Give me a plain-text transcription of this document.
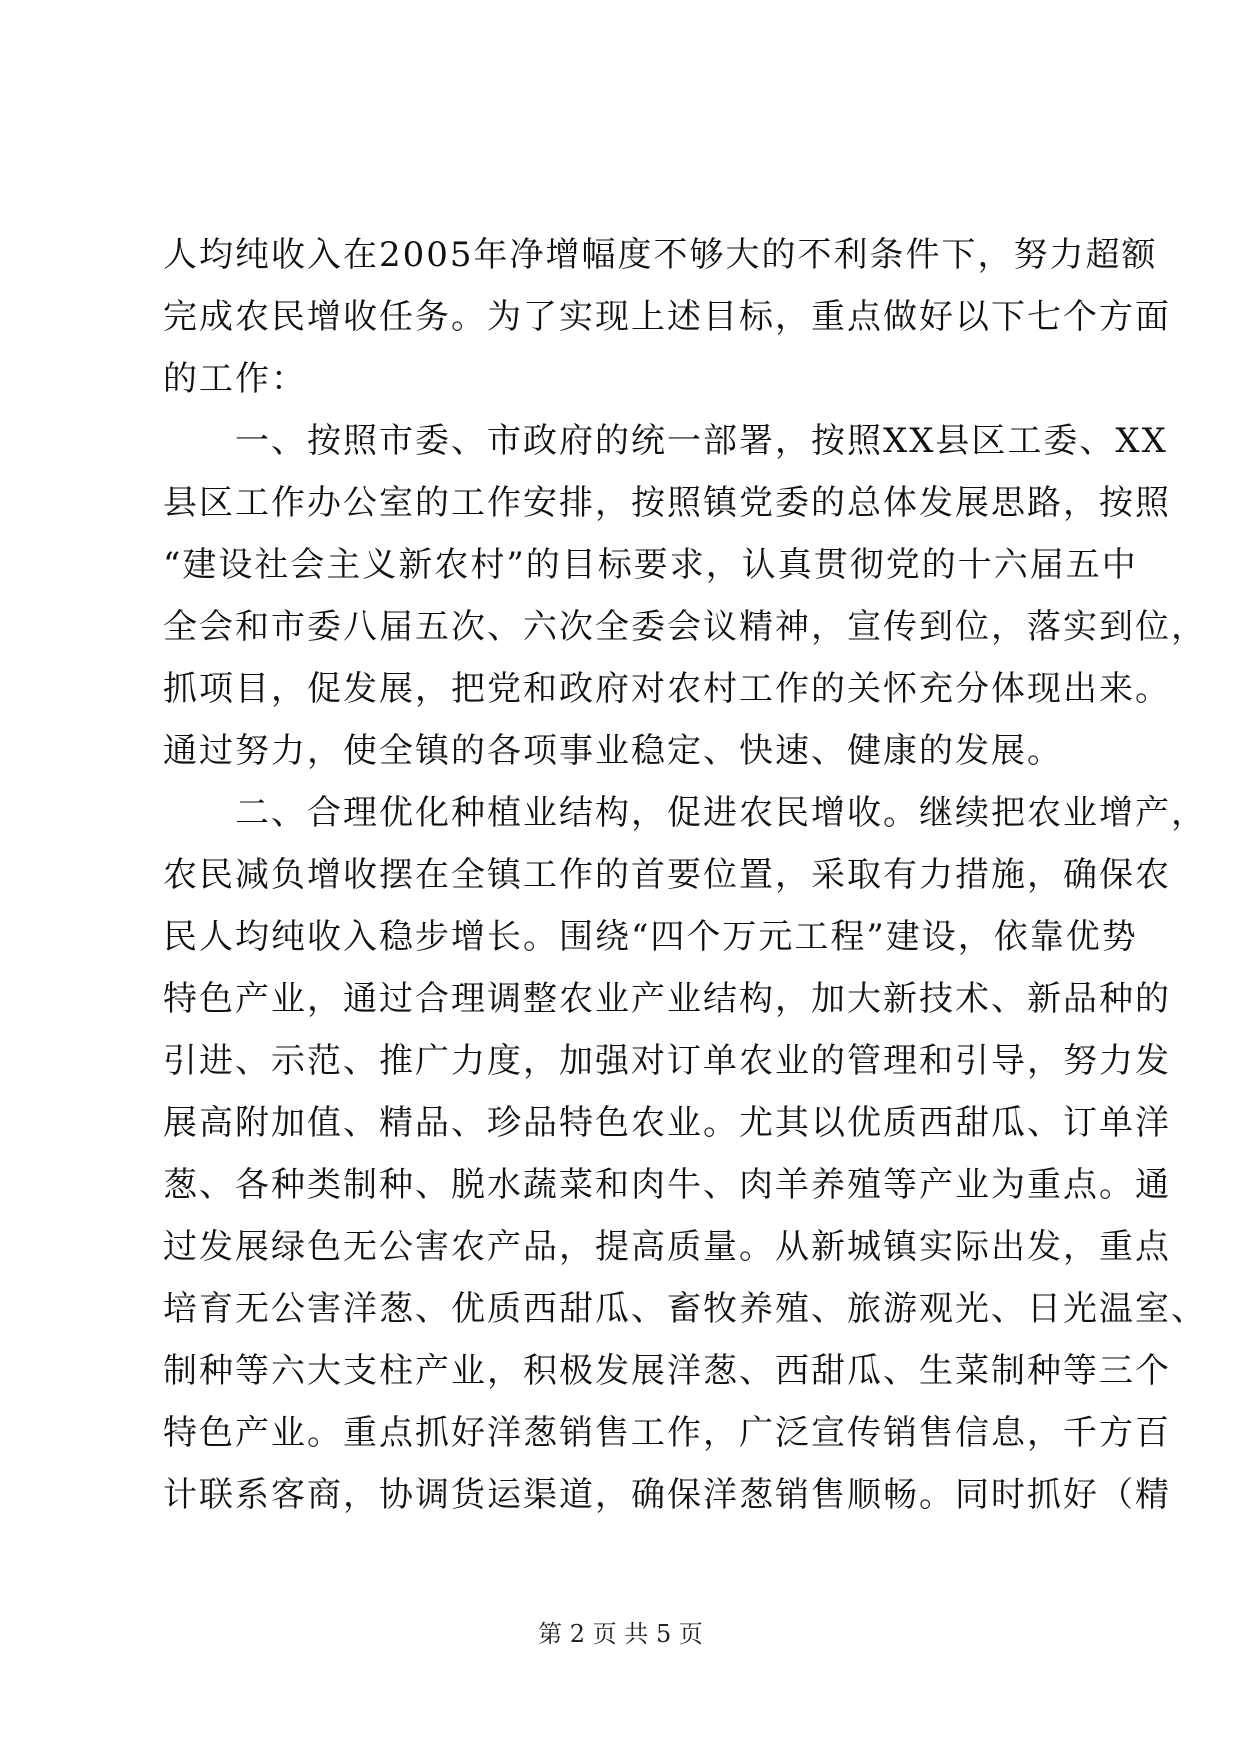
人均纯收入在2005年净增幅度不够大的不利条件下，努力超额
完成农民增收任务。为了实现上述目标，重点做好以下七个方面
的工作：
　　一、按照市委、市政府的统一部署，按照XX县区工委、XX
县区工作办公室的工作安排，按照镇党委的总体发展思路，按照
“建设社会主义新农村”的目标要求，认真贯彻党的十六届五中
全会和市委八届五次、六次全委会议精神，宣传到位，落实到位，
抓项目，促发展，把党和政府对农村工作的关怀充分体现出来。
通过努力，使全镇的各项事业稳定、快速、健康的发展。
　　二、合理优化种植业结构，促进农民增收。继续把农业增产，
农民减负增收摆在全镇工作的首要位置，采取有力措施，确保农
民人均纯收入稳步增长。围绕“四个万元工程”建设，依靠优势
特色产业，通过合理调整农业产业结构，加大新技术、新品种的
引进、示范、推广力度，加强对订单农业的管理和引导，努力发
展高附加值、精品、珍品特色农业。尤其以优质西甜瓜、订单洋
葱、各种类制种、脱水蔬菜和肉牛、肉羊养殖等产业为重点。通
过发展绿色无公害农产品，提高质量。从新城镇实际出发，重点
培育无公害洋葱、优质西甜瓜、畜牧养殖、旅游观光、日光温室、
制种等六大支柱产业，积极发展洋葱、西甜瓜、生菜制种等三个
特色产业。重点抓好洋葱销售工作，广泛宣传销售信息，千方百
计联系客商，协调货运渠道，确保洋葱销售顺畅。同时抓好（精
第 2 页 共 5 页
